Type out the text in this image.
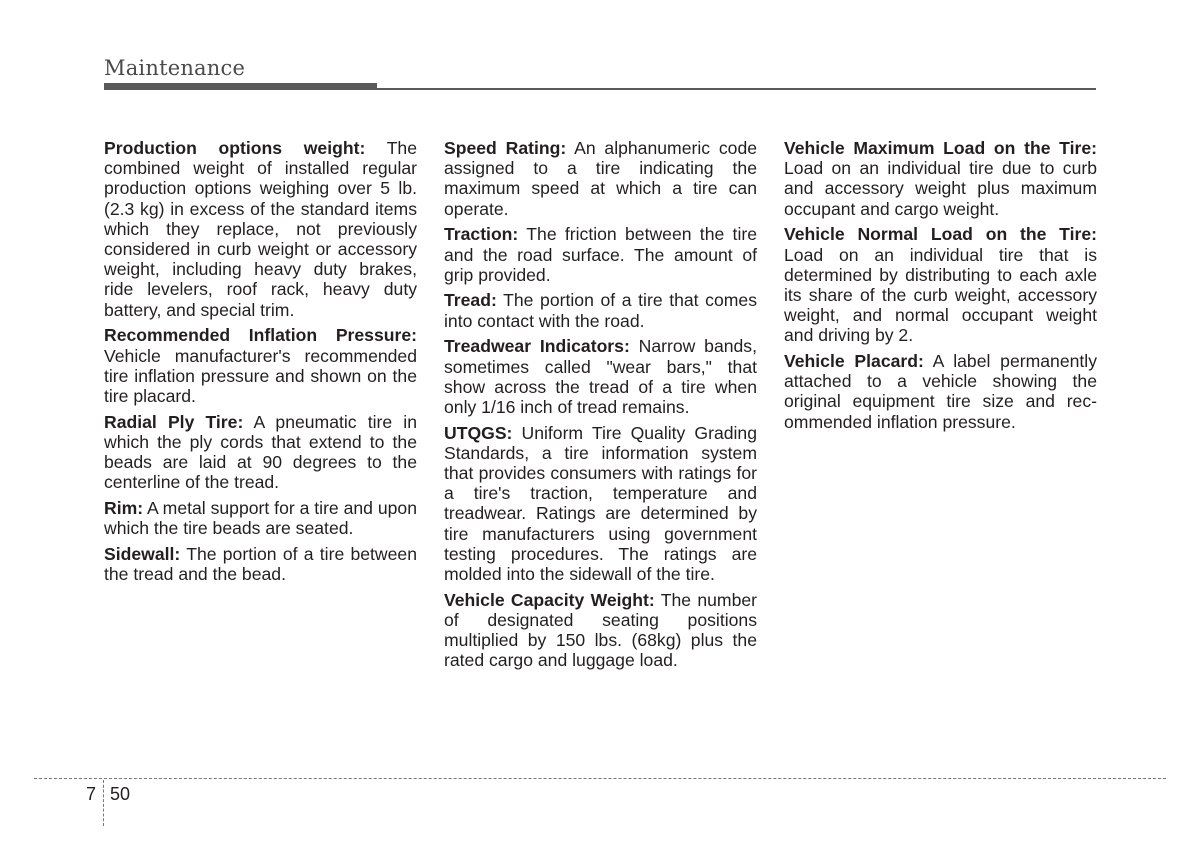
Maintenance

Production options weight: The combined weight of installed regular production options weighing over 5 lb.(2.3 kg) in excess of the standard items which they replace, not previously considered in curb weight or accessory weight, including heavy duty brakes, ride levelers, roof rack, heavy duty battery, and special trim.

Recommended Inflation Pressure: Vehicle manufacturer's recommended tire inflation pressure and shown on the tire placard.

Radial Ply Tire: A pneumatic tire in which the ply cords that extend to the beads are laid at 90 degrees to the centerline of the tread.

Rim: A metal support for a tire and upon which the tire beads are seated.

Sidewall: The portion of a tire between the tread and the bead.

Speed Rating: An alphanumeric code assigned to a tire indicating the maximum speed at which a tire can operate.

Traction: The friction between the tire and the road surface. The amount of grip provided.

Tread: The portion of a tire that comes into contact with the road.

Treadwear Indicators: Narrow bands, sometimes called "wear bars," that show across the tread of a tire when only 1/16 inch of tread remains.

UTQGS: Uniform Tire Quality Grading Standards, a tire information system that provides consumers with ratings for a tire's traction, temperature and treadwear. Ratings are determined by tire manufacturers using government testing procedures. The ratings are molded into the sidewall of the tire.

Vehicle Capacity Weight: The number of designated seating positions multiplied by 150 lbs. (68kg) plus the rated cargo and luggage load.

Vehicle Maximum Load on the Tire: Load on an individual tire due to curb and accessory weight plus maximum occupant and cargo weight.

Vehicle Normal Load on the Tire: Load on an individual tire that is determined by distributing to each axle its share of the curb weight, accessory weight, and normal occupant weight and driving by 2.

Vehicle Placard: A label permanently attached to a vehicle showing the original equipment tire size and recommended inflation pressure.

7 50
